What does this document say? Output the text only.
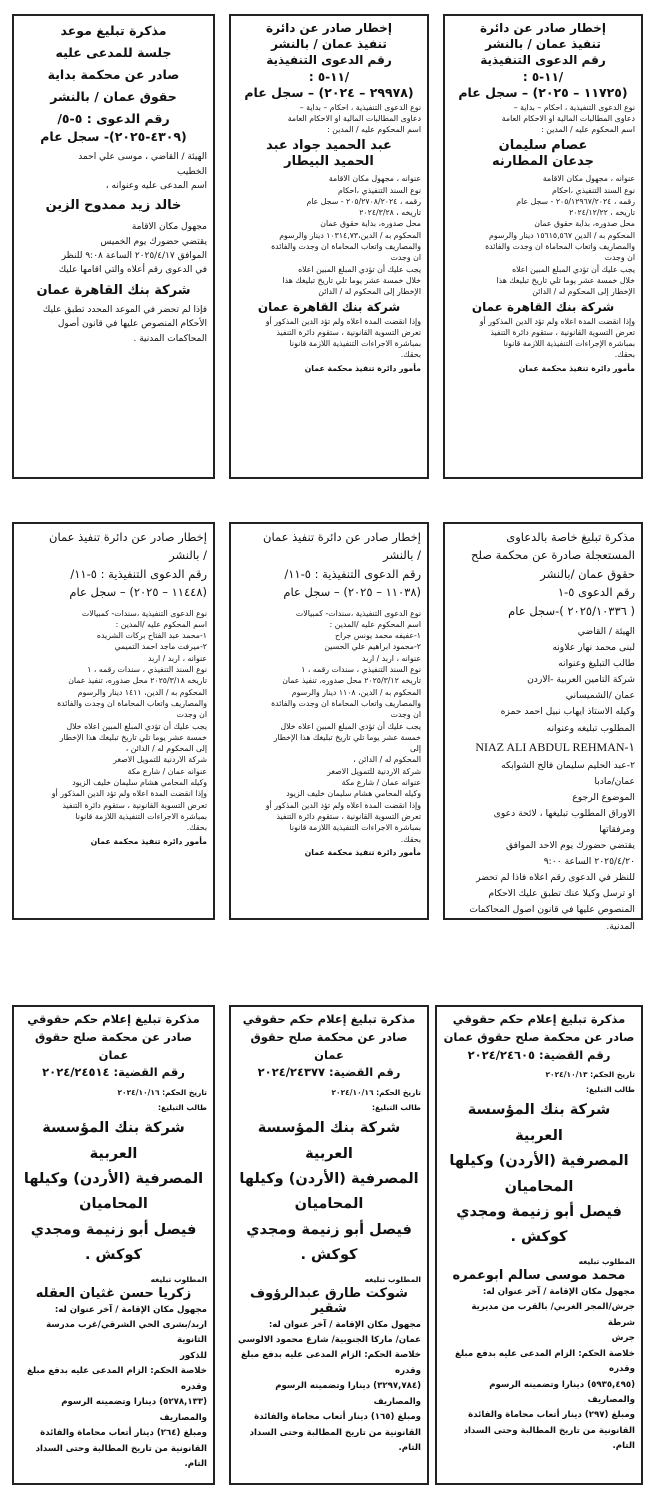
إخطار صادر عن دائرة
تنفيذ عمان / بالنشر
رقم الدعوى التنفيذية
/١١-٥ :
(١١٧٢٥ – ٢٠٢٥) – سجل عام
نوع الدعوى التنفيذية ، احكام – بداية –
دعاوى المطالبات المالية او الاحكام العامة
اسم المحكوم عليه / المدين :
عصام سليمان
جدعان المطارنه
عنوانه ، مجهول مكان الاقامة
نوع السند التنفيذي ،احكام
رقمه ، ٢٠٥/١٢٩٦٧/٢٠٢٤ - سجل عام
تاريخه ، ٢٠٢٤/١٢/٢٢
محل صدوره، بداية حقوق عمان
المحكوم به / الدين ١٥٦١٥,٥٦٧ دينار والرسوم
والمصاريف واتعاب المحاماة ان وجدت والفائدة
ان وجدت
يجب عليك أن تؤدي المبلغ المبين اعلاه
خلال خمسة عشر يوما تلي تاريخ تبليغك هذا
الإخطار إلى المحكوم له / الدائن
شركة بنك القاهرة عمان
وإذا انقضت المدة اعلاه ولم تؤد الدين المذكور أو
تعرض التسوية القانونية ، ستقوم دائرة التنفيذ
بمباشرة الإجراءات التنفيذية اللازمة قانونا
بحقك.
مأمور دائرة تنفيذ محكمة عمان
إخطار صادر عن دائرة
تنفيذ عمان / بالنشر
رقم الدعوى التنفيذية
/١١-٥ :
(٢٩٩٧٨ – ٢٠٢٤) – سجل عام
نوع الدعوى التنفيذية ، احكام – بداية –
دعاوى المطالبات المالية او الاحكام العامة
اسم المحكوم عليه / المدين :
عبد الحميد جواد عبد
الحميد البيطار
عنوانه ، مجهول مكان الاقامة
نوع السند التنفيذي ،احكام
رقمه ، ٢٠٥/٢٧٠٨/٢٠٢٤ - سجل عام
تاريخه ، ٢٠٢٤/٣/٢٨
محل صدوره، بداية حقوق عمان
المحكوم به / الدين،١٠٣١٤,٧٣ دينار والرسوم
والمصاريف واتعاب المحاماة ان وجدت والفائدة
ان وجدت
يجب عليك أن تؤدي المبلغ المبين اعلاه
خلال خمسة عشر يوما تلي تاريخ تبليغك هذا
الإخطار إلى المحكوم له / الدائن
شركة بنك القاهرة عمان
وإذا انقضت المدة اعلاه ولم تؤد الدين المذكور أو
تعرض التسوية القانونية ، ستقوم دائرة التنفيذ
بمباشرة الاجراءات التنفيذية اللازمة قانونا
بحقك.
مأمور دائرة تنفيذ محكمة عمان
مذكرة تبليغ موعد
جلسة للمدعى عليه
صادر عن محكمة بداية
حقوق عمان / بالنشر
رقم الدعوى : ٥-٥/
(٤٣٠٩-٢٠٢٥)- سجل عام
الهيئة / القاضي ، موسى علي احمد
الخطيب
اسم المدعى عليه وعنوانه ،
خالد زيد ممدوح الزين
مجهول مكان الاقامة
يقتضي حضورك يوم الخميس
الموافق ٢٠٢٥/٤/١٧ الساعة ٩:٠٨ للنظر
في الدعوى رقم أعلاه والتي اقامها عليك
شركة بنك القاهرة عمان
فإذا لم تحضر في الموعد المحدد تطبق عليك
الأحكام المنصوص عليها في قانون أصول
المحاكمات المدنية .
إخطار صادر عن دائرة تنفيذ عمان
/ بالنشر
رقم الدعوى التنفيذية : ٥-١١/
(١١٤٤٨ – ٢٠٢٥) – سجل عام
نوع الدعوى التنفيذية ،سندات- كمبيالات
اسم المحكوم عليه /المدين :
١-محمد عبد الفتاح بركات الشريده
٢-ميرفت ماجد احمد التميمي
عنوانه ، اربد / اربد
نوع السند التنفيذي ، سندات رقمه ، ١
تاريخه ٢٠٢٥/٣/١٨ محل صدوره، تنفيذ عمان
المحكوم به / الدين، ١٤١١ دينار والرسوم
والمصاريف واتعاب المحاماة ان وجدت والفائدة
ان وجدت
يجب عليك أن تؤدي المبلغ المبين اعلاه خلال
خمسة عشر يوما تلي تاريخ تبليغك هذا الإخطار
إلى المحكوم له / الدائن ،
شركة الاردنية للتمويل الاصغر
عنوانه عمان / شارع مكة
وكيله المحامي هشام سليمان خليف الزيود
وإذا انقضت المدة اعلاه ولم تؤد الدين المذكور أو
تعرض التسوية القانونية ، ستقوم دائرة التنفيذ
بمباشرة الاجراءات التنفيذية اللازمة قانونا
بحقك.
مأمور دائرة تنفيذ محكمة عمان
إخطار صادر عن دائرة تنفيذ عمان
/ بالنشر
رقم الدعوى التنفيذية : ٥-١١/
(١١٠٣٨ – ٢٠٢٥) – سجل عام
نوع الدعوى التنفيذية ،سندات- كمبيالات
اسم المحكوم عليه /المدين :
١-عفيفه محمد يونس جراح
٢-محمود ابراهيم علي الحسين
عنوانه ، اربد / اربد
نوع السند التنفيذي ، سندات رقمه ، ١
تاريخه ٢٠٢٥/٣/١٢ محل صدوره، تنفيذ عمان
المحكوم به / الدين، ١١٠٨ دينار والرسوم
والمصاريف واتعاب المحاماة ان وجدت والفائدة
ان وجدت
يجب عليك أن تؤدي المبلغ المبين اعلاه خلال
خمسة عشر يوما تلي تاريخ تبليغك هذا الإخطار
إلى
المحكوم له / الدائن ،
شركة الاردنية للتمويل الاصغر
عنوانه عمان / شارع مكة
وكيله المحامي هشام سليمان خليف الزيود
وإذا انقضت المدة اعلاه ولم تؤد الدين المذكور أو
تعرض التسوية القانونية ، ستقوم دائرة التنفيذ
بمباشرة الاجراءات التنفيذية اللازمة قانونا
بحقك.
مأمور دائرة تنفيذ محكمة عمان
مذكرة تبليغ خاصة بالدعاوى
المستعجلة صادرة عن محكمة صلح
حقوق عمان /بالنشر
رقم الدعوى ٥-١
( ٢٠٢٥/١٠٣٣٦ )-سجل عام
الهيئة / القاضي
لبنى محمد نهار علاونه
طالب التبليغ وعنوانه
شركة التامين العربية -الاردن
عمان /الشميساني
وكيله الاستاذ ايهاب نبيل احمد حمزه
المطلوب تبليغه وعنوانه
NIAZ ALI ABDUL REHMAN-١
٢-عبد الحليم سليمان فالح الشوابكه
عمان/مادبا
الموضوع الرجوع
الاوراق المطلوب تبليغها ، لائحة دعوى
ومرفقاتها
يقتضي حضورك يوم الاحد الموافق
٢٠٢٥/٤/٢٠ الساعة ٩:٠٠
للنظر في الدعوى رقم اعلاه فاذا لم تحضر
او ترسل وكيلا عنك تطبق عليك الاحكام
المنصوص عليها في قانون اصول المحاكمات
المدنية.
مذكرة تبليغ إعلام حكم حقوقي
صادر عن محكمة صلح حقوق عمان
رقم القضية: ٢٠٢٤/٢٤٥١٤
تاريخ الحكم: ٢٠٢٤/١٠/١٦
طالب التبليغ:
شركة بنك المؤسسة العربية
المصرفية (الأردن) وكيلها المحاميان
فيصل أبو زنيمة ومجدي كوكش .
المطلوب تبليغه
زكريا حسن غثيان العقله
مجهول مكان الإقامة / آخر عنوان له:
اربد/بشرى الحي الشرقي/غرب مدرسة الثانوية
للذكور
خلاصة الحكم: الزام المدعى عليه بدفع مبلغ وقدره
(٥٢٧٨,١٣٣) دينارا وتضمينه الرسوم والمصاريف
ومبلغ (٢٦٤) دينار أتعاب محاماة والفائدة
القانونية من تاريخ المطالبة وحتى السداد التام.
مذكرة تبليغ إعلام حكم حقوقي
صادر عن محكمة صلح حقوق عمان
رقم القضية: ٢٠٢٤/٢٤٣٧٧
تاريخ الحكم: ٢٠٢٤/١٠/١٦
طالب التبليغ:
شركة بنك المؤسسة العربية
المصرفية (الأردن) وكيلها المحاميان
فيصل أبو زنيمة ومجدي كوكش .
المطلوب تبليغه
شوكت طارق عبدالرؤوف شقير
مجهول مكان الإقامة / آخر عنوان له:
عمان/ ماركا الجنوبية/ شارع محمود الالوسي
خلاصة الحكم: الزام المدعى عليه بدفع مبلغ وقدره
(٣٢٩٧,٧٨٤) دينارا وتضمينه الرسوم والمصاريف
ومبلغ (١٦٥) دينار أتعاب محاماة والفائدة
القانونية من تاريخ المطالبة وحتى السداد التام.
مذكرة تبليغ إعلام حكم حقوقي
صادر عن محكمة صلح حقوق عمان
رقم القضية: ٢٠٢٤/٢٤٦٠٥
تاريخ الحكم: ٢٠٢٤/١٠/١٣
طالب التبليغ:
شركة بنك المؤسسة العربية
المصرفية (الأردن) وكيلها المحاميان
فيصل أبو زنيمة ومجدي كوكش .
المطلوب تبليغه
محمد موسى سالم ابوعمره
مجهول مكان الإقامة / آخر عنوان له:
جرش/المجر الغربي/ بالقرب من مديرية شرطة
جرش
خلاصة الحكم: الزام المدعى عليه بدفع مبلغ وقدره
(٥٩٣٥,٤٩٥) دينارا وتضمينه الرسوم والمصاريف
ومبلغ (٢٩٧) دينار أتعاب محاماة والفائدة
القانونية من تاريخ المطالبة وحتى السداد التام.
